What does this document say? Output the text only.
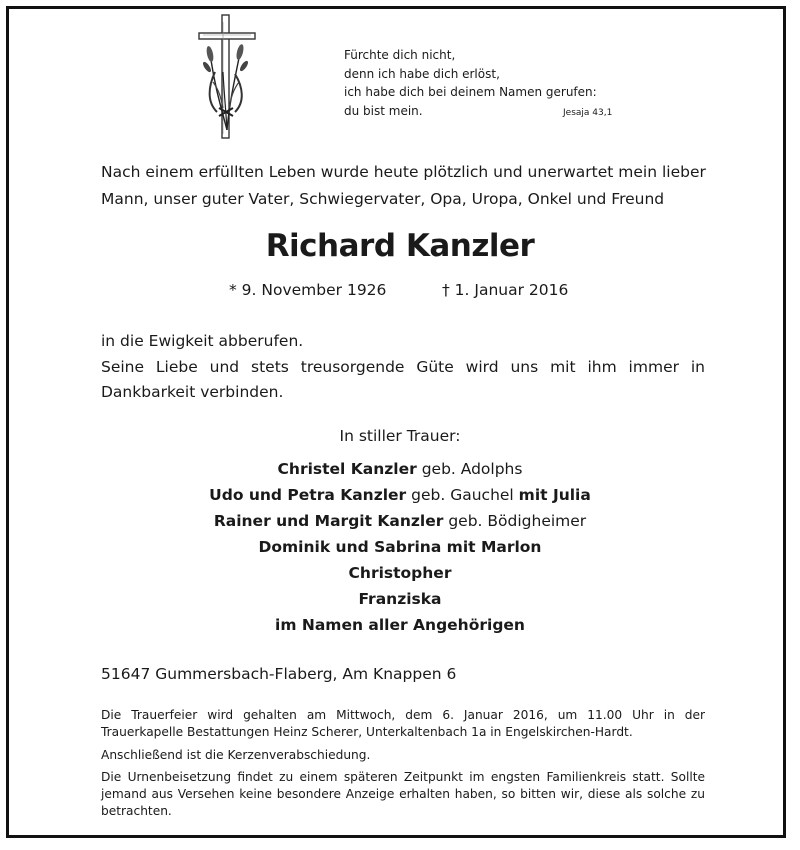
Fürchte dich nicht,
denn ich habe dich erlöst,
ich habe dich bei deinem Namen gerufen:
du bist mein.	Jesaja 43,1
Nach einem erfüllten Leben wurde heute plötzlich und unerwartet mein lieber
Mann, unser guter Vater, Schwiegervater, Opa, Uropa, Onkel und Freund
Richard Kanzler
* 9. November 1926	† 1. Januar 2016
in die Ewigkeit abberufen.
Seine Liebe und stets treusorgende Güte wird uns mit ihm immer in Dankbarkeit verbinden.
In stiller Trauer:
Christel Kanzler geb. Adolphs
Udo und Petra Kanzler geb. Gauchel mit Julia
Rainer und Margit Kanzler geb. Bödigheimer
Dominik und Sabrina mit Marlon
Christopher
Franziska
im Namen aller Angehörigen
51647 Gummersbach-Flaberg, Am Knappen 6

Die Trauerfeier wird gehalten am Mittwoch, dem 6. Januar 2016, um 11.00 Uhr in der Trauerkapelle Bestattungen Heinz Scherer, Unterkaltenbach 1a in Engelskirchen-Hardt.

Anschließend ist die Kerzenverabschiedung.

Die Urnenbeisetzung findet zu einem späteren Zeitpunkt im engsten Familienkreis statt. Sollte jemand aus Versehen keine besondere Anzeige erhalten haben, so bitten wir, diese als solche zu betrachten.
